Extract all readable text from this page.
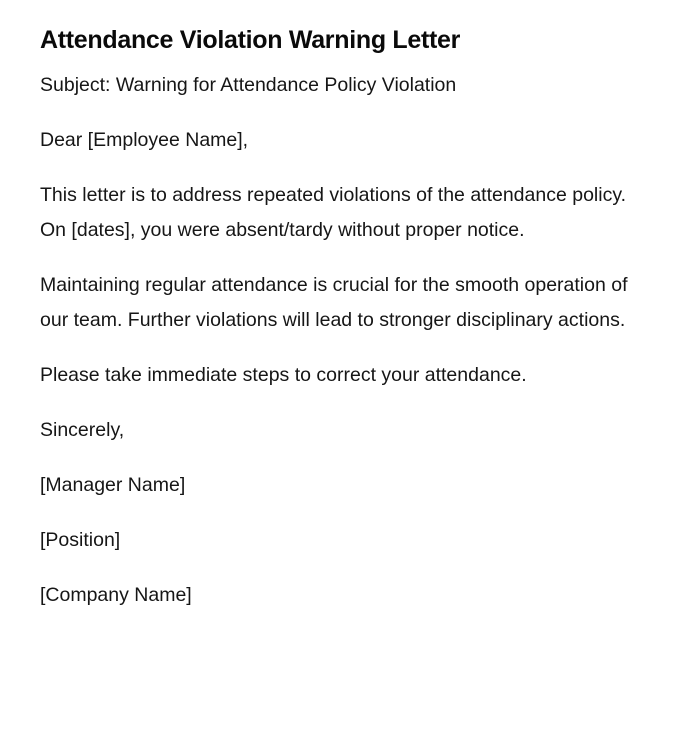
Attendance Violation Warning Letter

Subject: Warning for Attendance Policy Violation

Dear [Employee Name],

This letter is to address repeated violations of the attendance policy. On [dates], you were absent/tardy without proper notice.

Maintaining regular attendance is crucial for the smooth operation of our team. Further violations will lead to stronger disciplinary actions.

Please take immediate steps to correct your attendance.

Sincerely,

[Manager Name]

[Position]

[Company Name]
